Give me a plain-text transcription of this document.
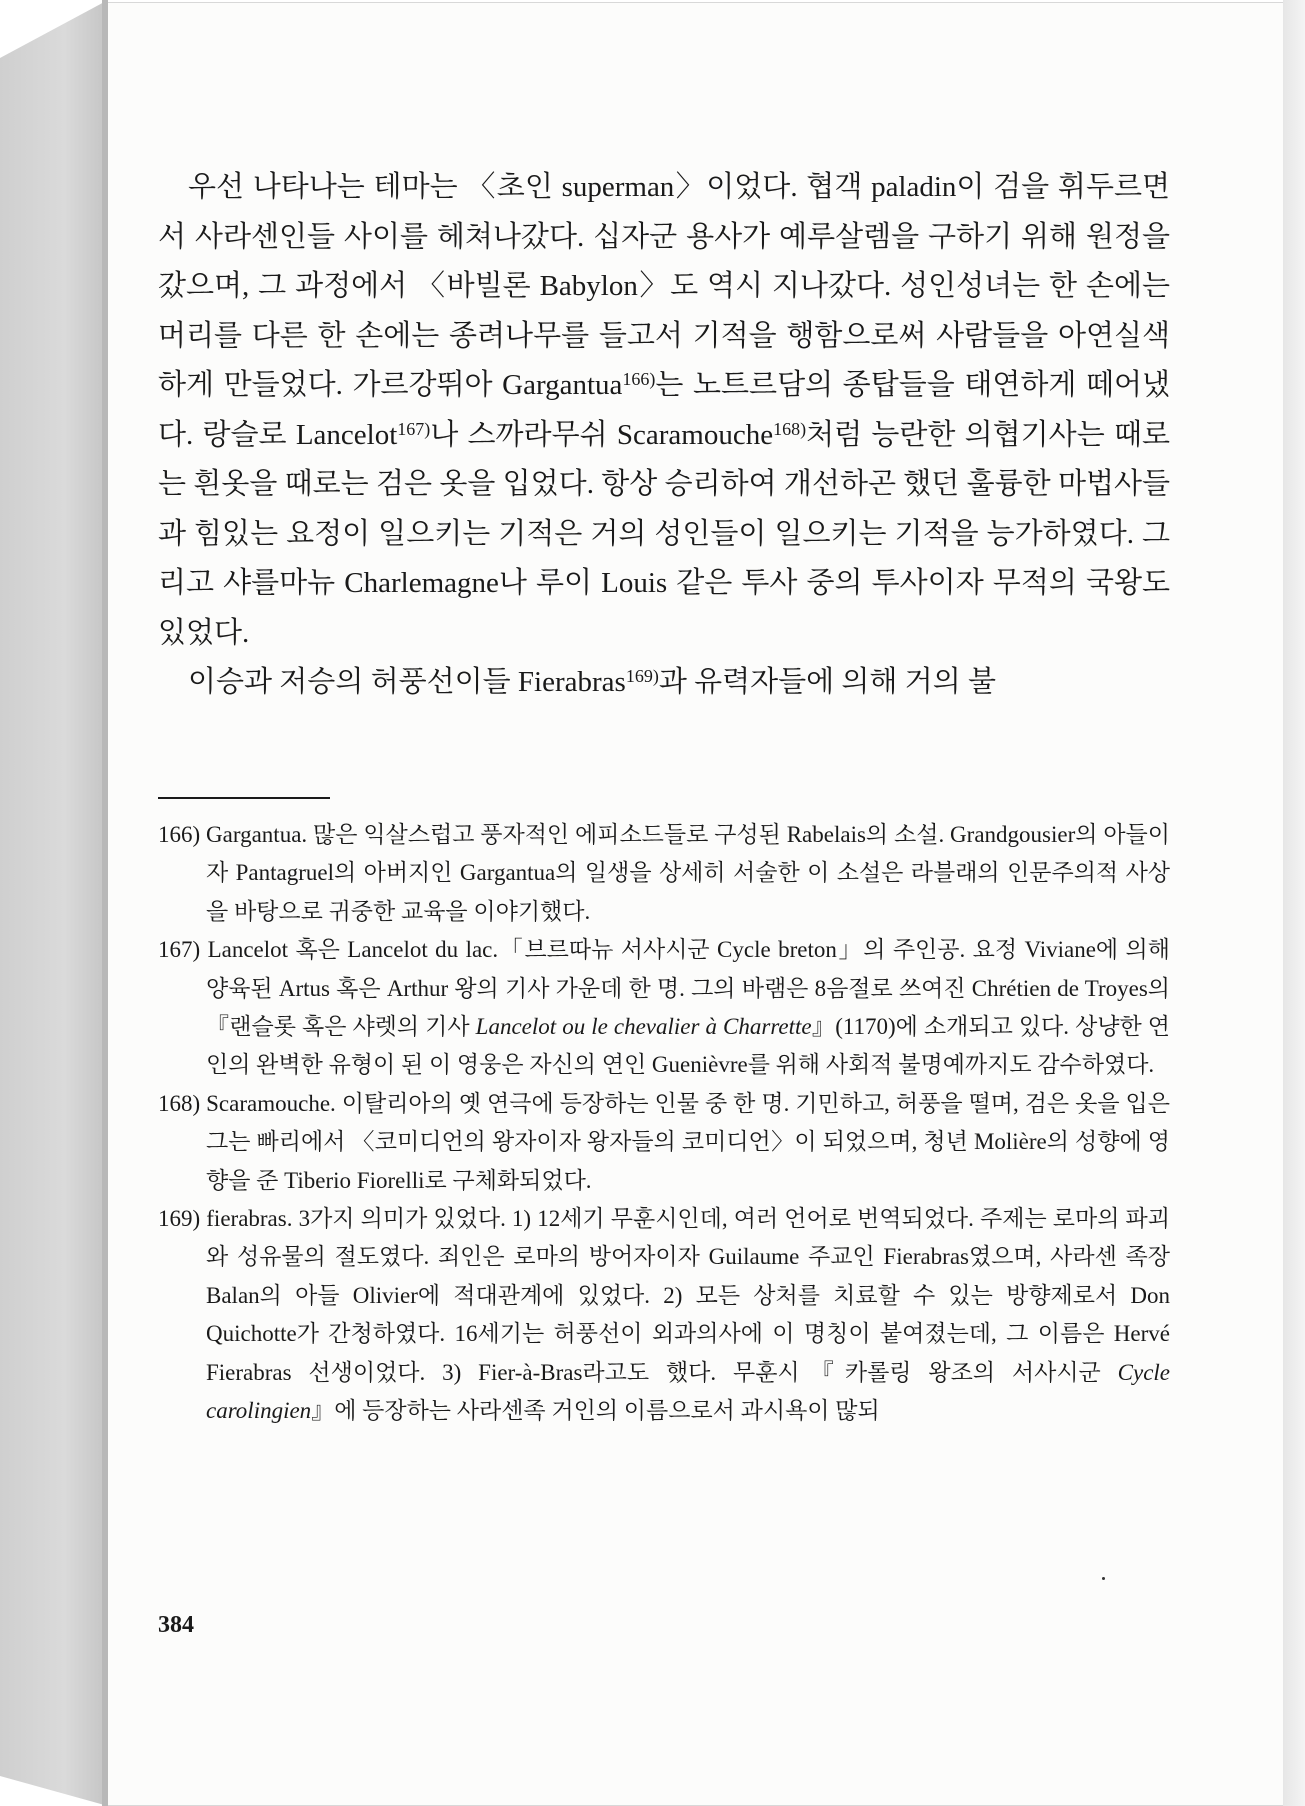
우선 나타나는 테마는 〈초인 superman〉이었다. 협객 paladin이 검을 휘두르면서 사라센인들 사이를 헤쳐나갔다. 십자군 용사가 예루살렘을 구하기 위해 원정을 갔으며, 그 과정에서 〈바빌론 Babylon〉도 역시 지나갔다. 성인성녀는 한 손에는 머리를 다른 한 손에는 종려나무를 들고서 기적을 행함으로써 사람들을 아연실색하게 만들었다. 가르강뛰아 Gargantua$^{166)}$는 노트르담의 종탑들을 태연하게 떼어냈다. 랑슬로 Lancelot$^{167)}$나 스까라무쉬 Scaramouche$^{168)}$처럼 능란한 의협기사는 때로는 흰옷을 때로는 검은 옷을 입었다. 항상 승리하여 개선하곤 했던 훌륭한 마법사들과 힘있는 요정이 일으키는 기적은 거의 성인들이 일으키는 기적을 능가하였다. 그리고 샤를마뉴 Charlemagne나 루이 Louis 같은 투사 중의 투사이자 무적의 국왕도 있었다.

이승과 저승의 허풍선이들 Fierabras$^{169)}$과 유력자들에 의해 거의 불

166) Gargantua. 많은 익살스럽고 풍자적인 에피소드들로 구성된 Rabelais의 소설. Grandgousier의 아들이자 Pantagruel의 아버지인 Gargantua의 일생을 상세히 서술한 이 소설은 라블래의 인문주의적 사상을 바탕으로 귀중한 교육을 이야기했다.

167) Lancelot 혹은 Lancelot du lac.「브르따뉴 서사시군 Cycle breton」의 주인공. 요정 Viviane에 의해 양육된 Artus 혹은 Arthur 왕의 기사 가운데 한 명. 그의 바램은 8음절로 쓰여진 Chrétien de Troyes의『랜슬롯 혹은 샤렛의 기사 Lancelot ou le chevalier à Charrette』(1170)에 소개되고 있다. 상냥한 연인의 완벽한 유형이 된 이 영웅은 자신의 연인 Guenièvre를 위해 사회적 불명예까지도 감수하였다.

168) Scaramouche. 이탈리아의 옛 연극에 등장하는 인물 중 한 명. 기민하고, 허풍을 떨며, 검은 옷을 입은 그는 빠리에서 〈코미디언의 왕자이자 왕자들의 코미디언〉이 되었으며, 청년 Molière의 성향에 영향을 준 Tiberio Fiorelli로 구체화되었다.

169) fierabras. 3가지 의미가 있었다. 1) 12세기 무훈시인데, 여러 언어로 번역되었다. 주제는 로마의 파괴와 성유물의 절도였다. 죄인은 로마의 방어자이자 Guilaume 주교인 Fierabras였으며, 사라센 족장 Balan의 아들 Olivier에 적대관계에 있었다. 2) 모든 상처를 치료할 수 있는 방향제로서 Don Quichotte가 간청하였다. 16세기는 허풍선이 외과의사에 이 명칭이 붙여졌는데, 그 이름은 Hervé Fierabras 선생이었다. 3) Fier-à-Bras라고도 했다. 무훈시『카롤링 왕조의 서사시군 Cycle carolingien』에 등장하는 사라센족 거인의 이름으로서 과시욕이 많되

384
